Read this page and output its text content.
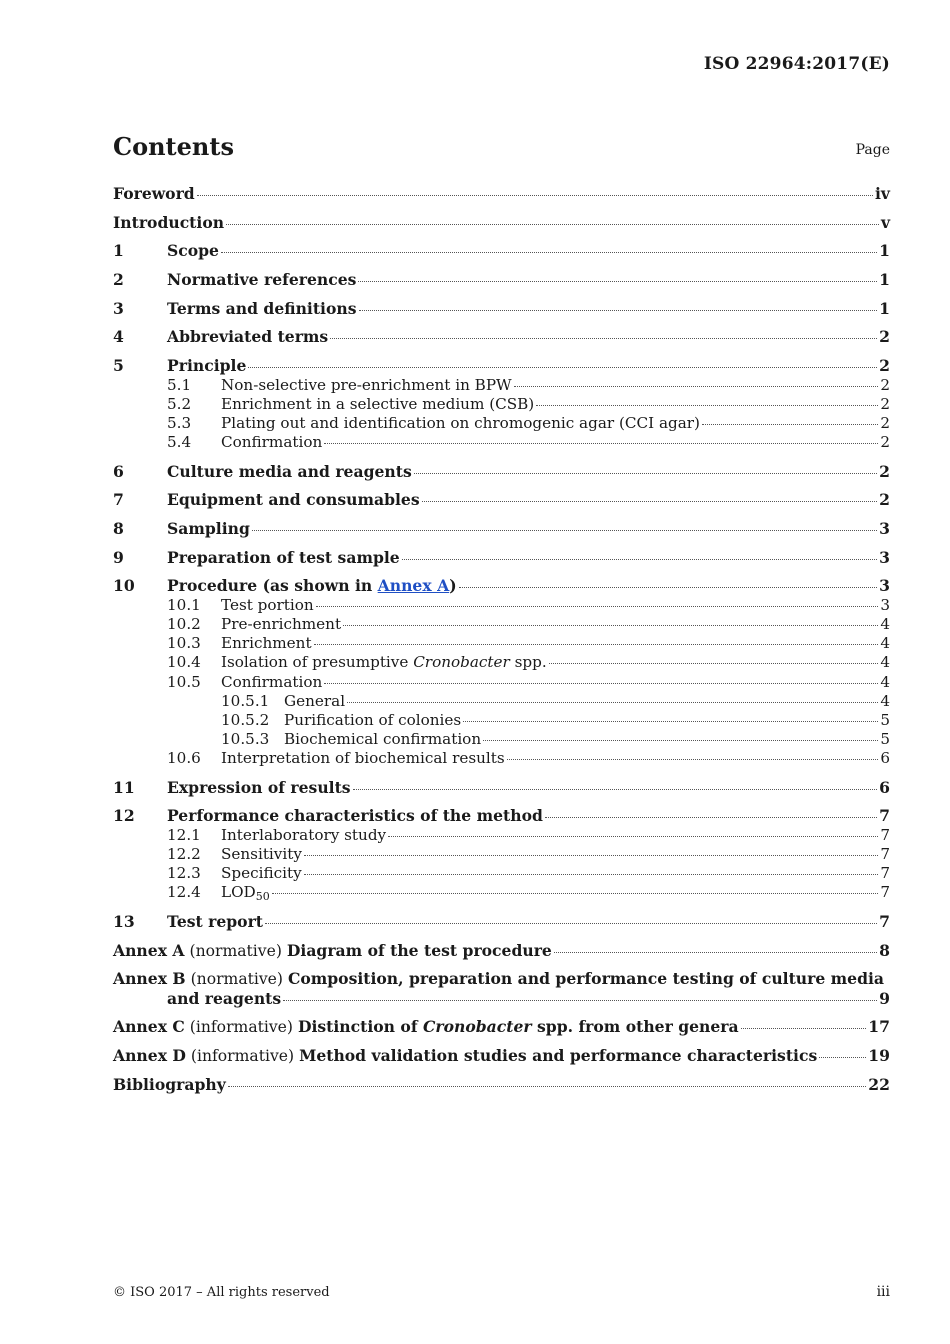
ISO 22964:2017(E)
Contents	Page
Foreword	iv
Introduction	v
1	Scope	1
2	Normative references	1
3	Terms and definitions	1
4	Abbreviated terms	2
5	Principle	2
5.1	Non-selective pre-enrichment in BPW	2
5.2	Enrichment in a selective medium (CSB)	2
5.3	Plating out and identification on chromogenic agar (CCI agar)	2
5.4	Confirmation	2
6	Culture media and reagents	2
7	Equipment and consumables	2
8	Sampling	3
9	Preparation of test sample	3
10	Procedure (as shown in Annex A)	3
10.1	Test portion	3
10.2	Pre-enrichment	4
10.3	Enrichment	4
10.4	Isolation of presumptive Cronobacter spp.	4
10.5	Confirmation	4
10.5.1 General	4
10.5.2 Purification of colonies	5
10.5.3 Biochemical confirmation	5
10.6	Interpretation of biochemical results	6
11	Expression of results	6
12	Performance characteristics of the method	7
12.1	Interlaboratory study	7
12.2	Sensitivity	7
12.3	Specificity	7
12.4	$LOD_{50}$	7
13	Test report	7
Annex A (normative) Diagram of the test procedure	8
Annex B (normative) Composition, preparation and performance testing of culture media
and reagents	9
Annex C (informative) Distinction of Cronobacter spp. from other genera	17
Annex D (informative) Method validation studies and performance characteristics	19
Bibliography	22
© ISO 2017 – All rights reserved	iii
